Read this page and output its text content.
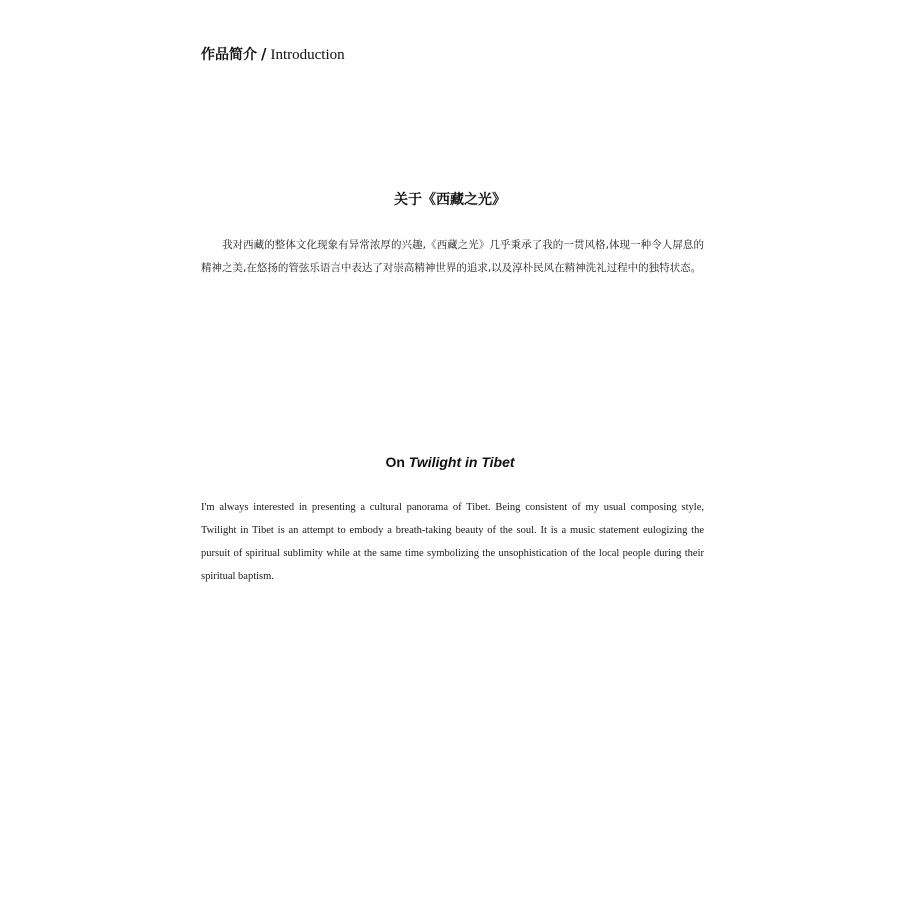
作品简介 / Introduction
关于《西藏之光》

我对西藏的整体文化现象有异常浓厚的兴趣,《西藏之光》几乎秉承了我的一贯风格,体现一种令人屏息的精神之美,在悠扬的管弦乐语言中表达了对崇高精神世界的追求,以及淳朴民风在精神洗礼过程中的独特状态。

On Twilight in Tibet

I'm always interested in presenting a cultural panorama of Tibet. Being consistent of my usual composing style, Twilight in Tibet is an attempt to embody a breath-taking beauty of the soul. It is a music statement eulogizing the pursuit of spiritual sublimity while at the same time symbolizing the unsophistication of the local people during their spiritual baptism.
